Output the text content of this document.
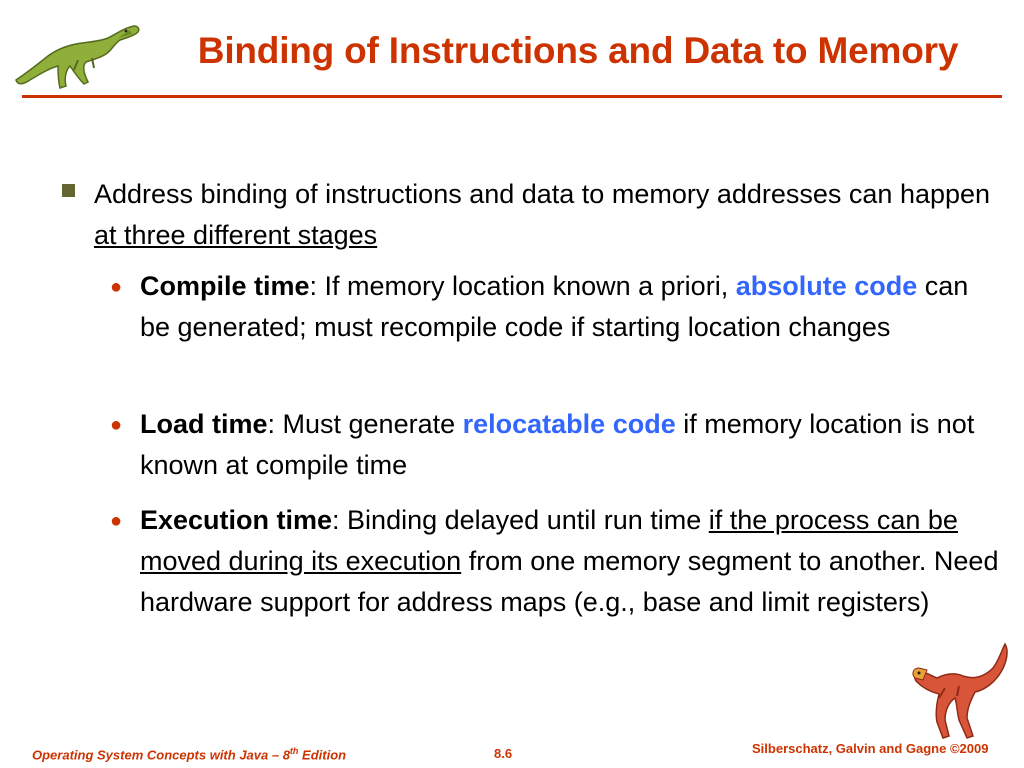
Binding of Instructions and Data to Memory
Address binding of instructions and data to memory addresses can happen at three different stages
● Compile time: If memory location known a priori, absolute code can be generated; must recompile code if starting location changes
● Load time: Must generate relocatable code if memory location is not known at compile time
● Execution time: Binding delayed until run time if the process can be moved during its execution from one memory segment to another. Need hardware support for address maps (e.g., base and limit registers)
Operating System Concepts with Java – 8th Edition	8.6	Silberschatz, Galvin and Gagne ©2009
